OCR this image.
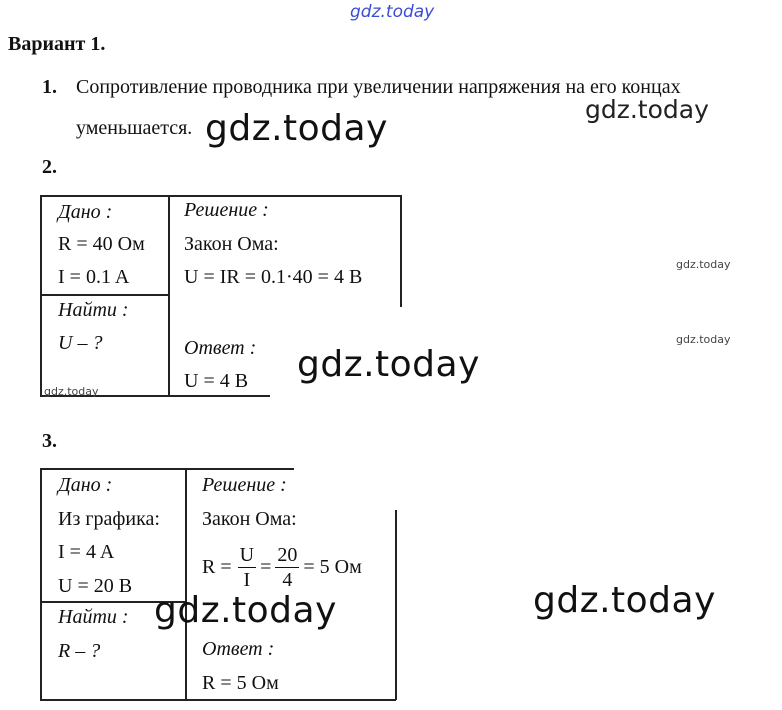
gdz.today
Вариант 1.
1. Сопротивление проводника при увеличении напряжения на его концах
уменьшается. gdz.today	gdz.today
2.
Дано :
R = 40 Ом
I = 0.1 A
Найти :
U – ?
gdz.today
Решение :
Закон Ома:
U = IR = 0.1·40 = 4 B
Ответ :
U = 4 B gdz.today
gdz.today
gdz.today
3.
Дано :
Из графика:
I = 4 A
U = 20 B
Найти :
R – ?
Решение :
Закон Ома:
$R = \frac{U}{I} = \frac{20}{4} = 5$ Ом
Ответ :
R = 5 Ом
gdz.today	gdz.today
